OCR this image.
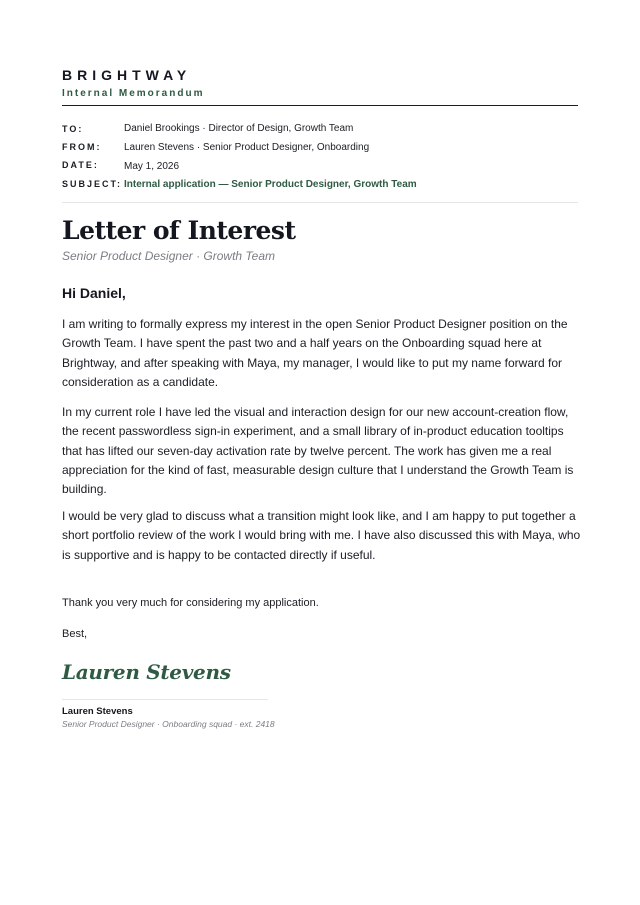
BRIGHTWAY
Internal Memorandum
TO:	Daniel Brookings · Director of Design, Growth Team
FROM: Lauren Stevens · Senior Product Designer, Onboarding
DATE:	May 1, 2026
SUBJECT: Internal application — Senior Product Designer, Growth Team
Letter of Interest
Senior Product Designer · Growth Team
Hi Daniel,
I am writing to formally express my interest in the open Senior Product Designer position on the Growth Team. I have spent the past two and a half years on the Onboarding squad here at Brightway, and after speaking with Maya, my manager, I would like to put my name forward for consideration as a candidate.
In my current role I have led the visual and interaction design for our new account-creation flow, the recent passwordless sign-in experiment, and a small library of in-product education tooltips that has lifted our seven-day activation rate by twelve percent. The work has given me a real appreciation for the kind of fast, measurable design culture that I understand the Growth Team is building.
I would be very glad to discuss what a transition might look like, and I am happy to put together a short portfolio review of the work I would bring with me. I have also discussed this with Maya, who is supportive and is happy to be contacted directly if useful.
Thank you very much for considering my application.
Best,
Lauren Stevens
Lauren Stevens
Senior Product Designer · Onboarding squad · ext. 2418
